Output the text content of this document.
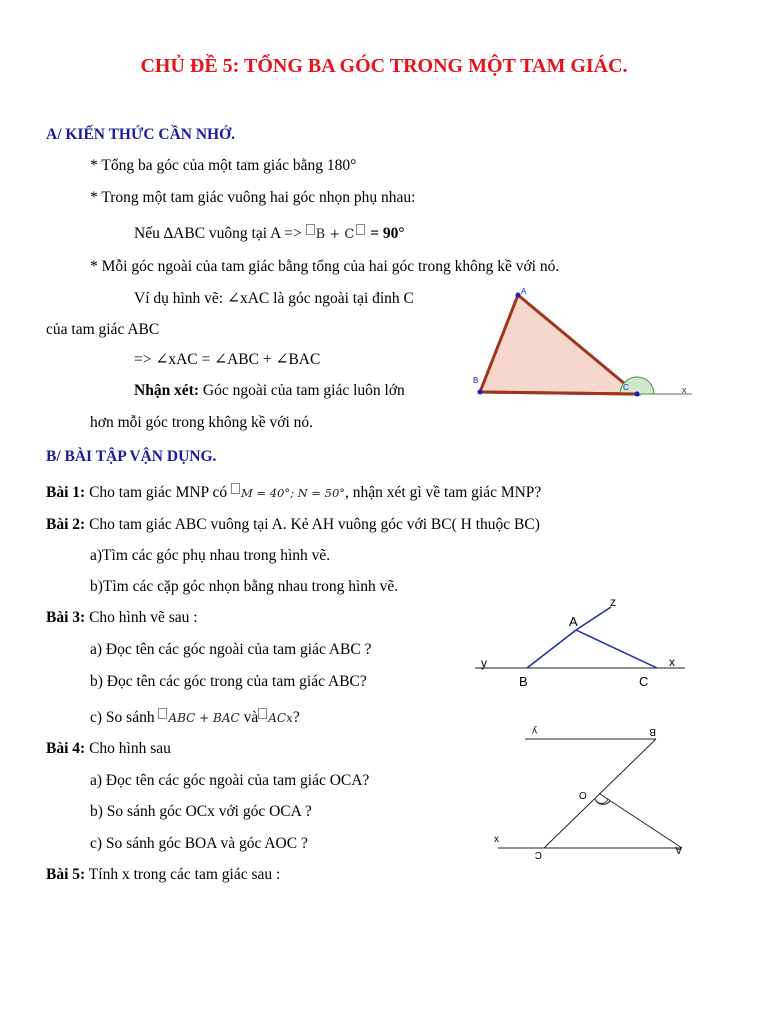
CHỦ ĐỀ 5: TỔNG BA GÓC TRONG MỘT TAM GIÁC.
A/ KIẾN THỨC CẦN NHỚ.
* Tổng ba góc của một tam giác bằng 180°
* Trong một tam giác vuông hai góc nhọn phụ nhau:
Nếu ∆ABC vuông tại A => B + C = 90°
* Mỗi góc ngoài của tam giác bằng tổng của hai góc trong không kề với nó.
Ví dụ hình vẽ: ∠xAC là góc ngoài tại đỉnh C
của tam giác ABC
=> ∠xAC = ∠ABC + ∠BAC
Nhận xét: Góc ngoài của tam giác luôn lớn
hơn mỗi góc trong không kề với nó.
A
B
C	x
B/ BÀI TẬP VẬN DỤNG.
Bài 1: Cho tam giác MNP có M = 40°; N = 50°, nhận xét gì về tam giác MNP?
Bài 2: Cho tam giác ABC vuông tại A. Kẻ AH vuông góc với BC( H thuộc BC)
a)Tìm các góc phụ nhau trong hình vẽ.
b)Tìm các cặp góc nhọn bằng nhau trong hình vẽ.
Bài 3: Cho hình vẽ sau :
a) Đọc tên các góc ngoài của tam giác ABC ?
b) Đọc tên các góc trong của tam giác ABC?
c) So sánh ABC + BAC và ACx?
A
B	C
x
y
z
Bài 4: Cho hình sau
a) Đọc tên các góc ngoài của tam giác OCA?
b) So sánh góc OCx với góc OCA ?
c) So sánh góc BOA và góc AOC ?
y	B
O
x
C	A
Bài 5: Tính x trong các tam giác sau :
